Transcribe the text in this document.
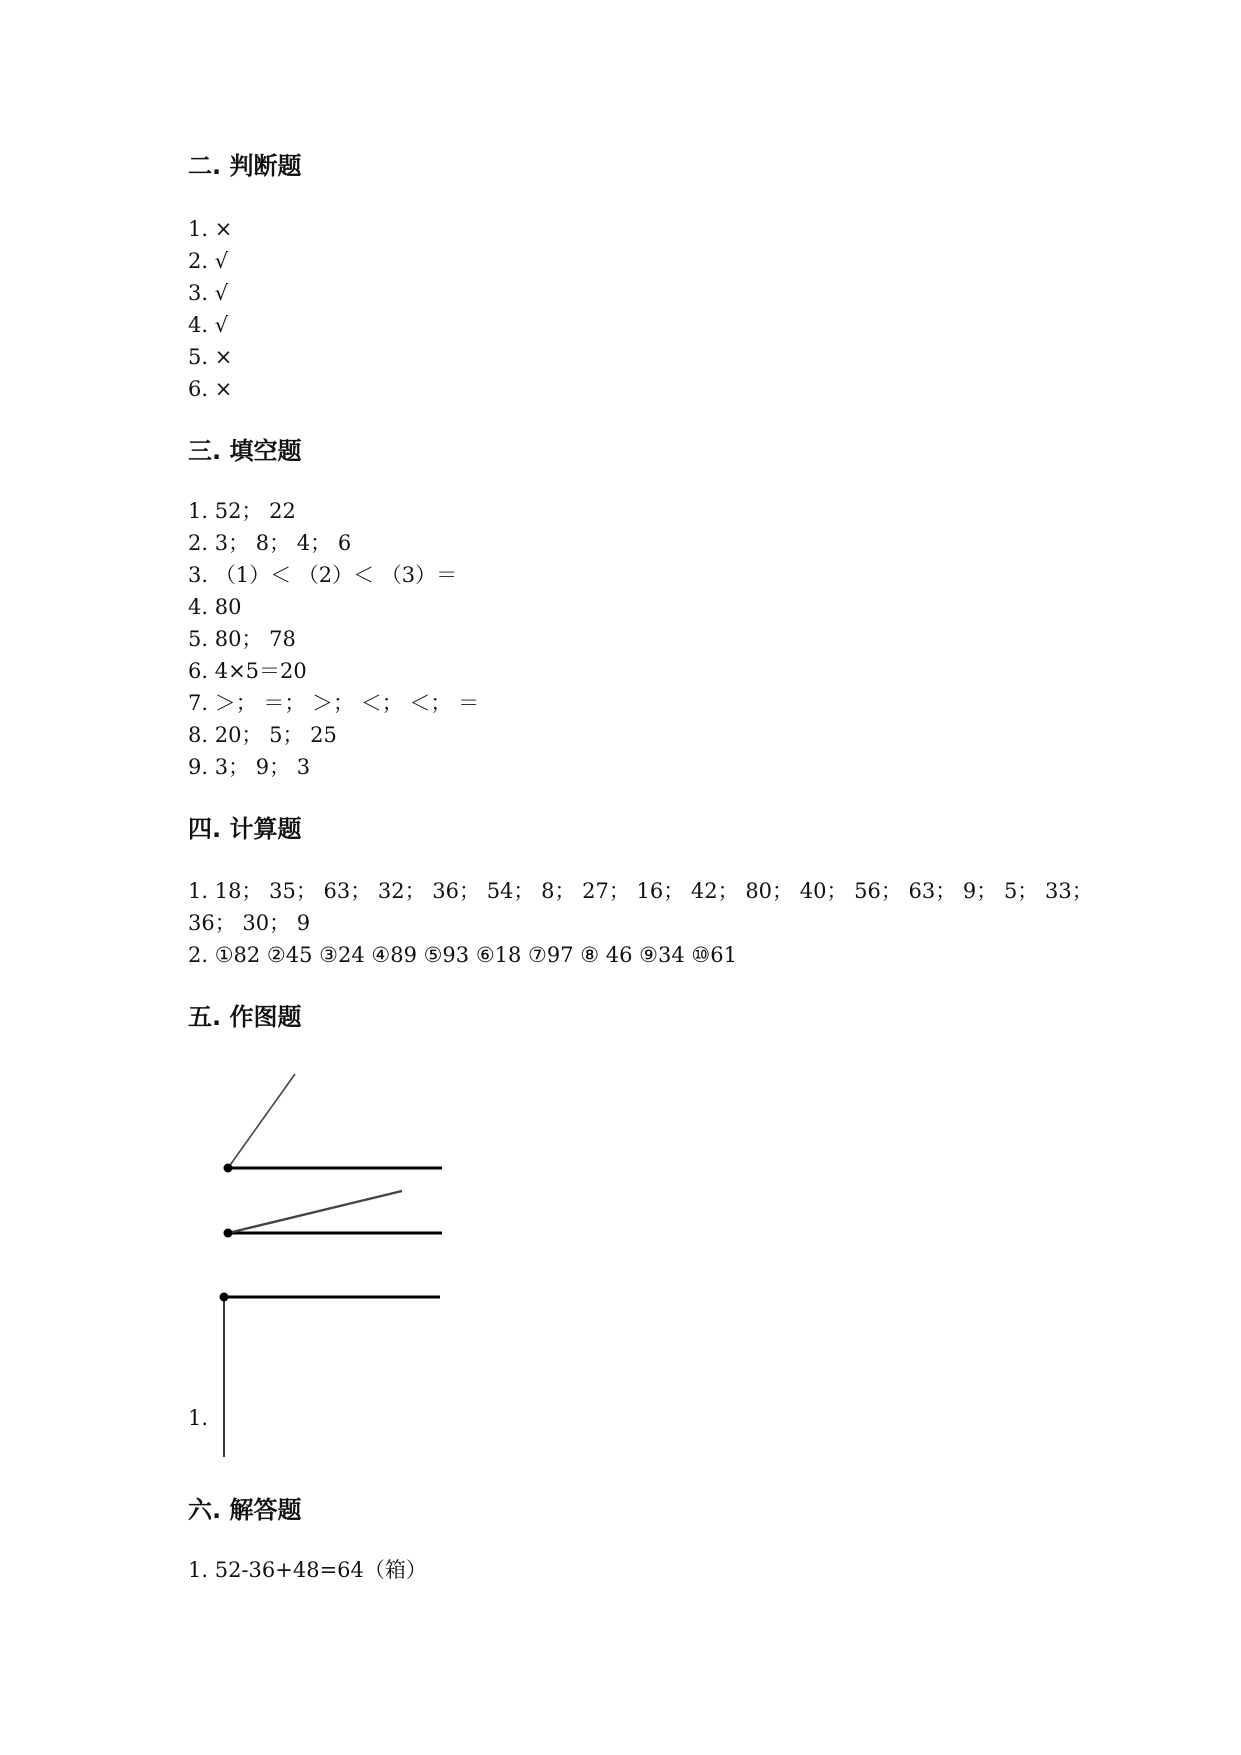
二. 判断题
1. ×
2. √
3. √
4. √
5. ×
6. ×
三. 填空题
1. 52； 22
2. 3； 8； 4； 6
3. （1）＜ （2）＜ （3）＝
4. 80
5. 80； 78
6. 4×5＝20
7. ＞； ＝； ＞； ＜； ＜； ＝
8. 20； 5； 25
9. 3； 9； 3
四. 计算题
1. 18； 35； 63； 32； 36； 54； 8； 27； 16； 42； 80； 40； 56； 63； 9； 5； 33；
36； 30； 9
2. ①82 ②45 ③24 ④89 ⑤93 ⑥18 ⑦97 ⑧ 46 ⑨34 ⑩61
五. 作图题
1.
六. 解答题
1. 52-36+48=64（箱）
